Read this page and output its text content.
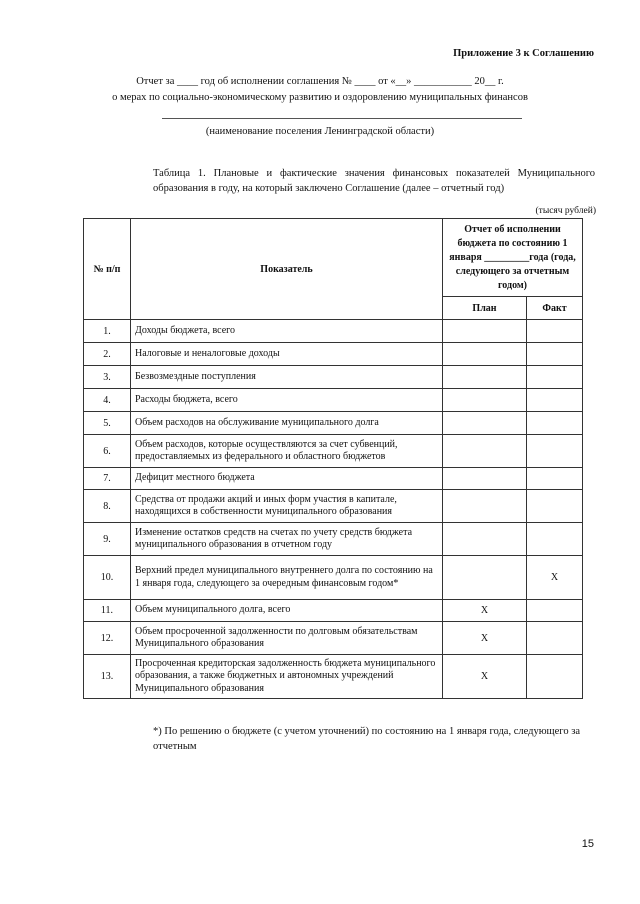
Приложение 3 к Соглашению
Отчет за ____ год об исполнении соглашения № ____ от «__» ___________ 20__ г.
о мерах по социально-экономическому развитию и оздоровлению муниципальных финансов
(наименование поселения Ленинградской области)
Таблица 1. Плановые и фактические значения финансовых показателей Муниципального образования в году, на который заключено Соглашение (далее – отчетный год)
(тысяч рублей)
№ п/п	Показатель	Отчет об исполнении бюджета по состоянию 1 января _________года (года, следующего за отчетным годом)	
		План	Факт
1.	Доходы бюджета, всего		
2.	Налоговые и неналоговые доходы		
3.	Безвозмездные поступления		
4.	Расходы бюджета, всего		
5.	Объем расходов на обслуживание муниципального долга		
6.	Объем расходов, которые осуществляются за счет субвенций, предоставляемых из федерального и областного бюджетов		
7.	Дефицит местного бюджета		
8.	Средства от продажи акций и иных форм участия в капитале, находящихся в собственности муниципального образования		
9.	Изменение остатков средств на счетах по учету средств бюджета муниципального образования в отчетном году		
10.	Верхний предел муниципального внутреннего долга по состоянию на 1 января года, следующего за очередным финансовым годом*		X
11.	Объем муниципального долга, всего	X	
12.	Объем просроченной задолженности по долговым обязательствам Муниципального образования	X	
13.	Просроченная кредиторская задолженность бюджета муниципального образования, а также бюджетных и автономных учреждений Муниципального образования	X	
*) По решению о бюджете (с учетом уточнений) по состоянию на 1 января года, следующего за отчетным
15
